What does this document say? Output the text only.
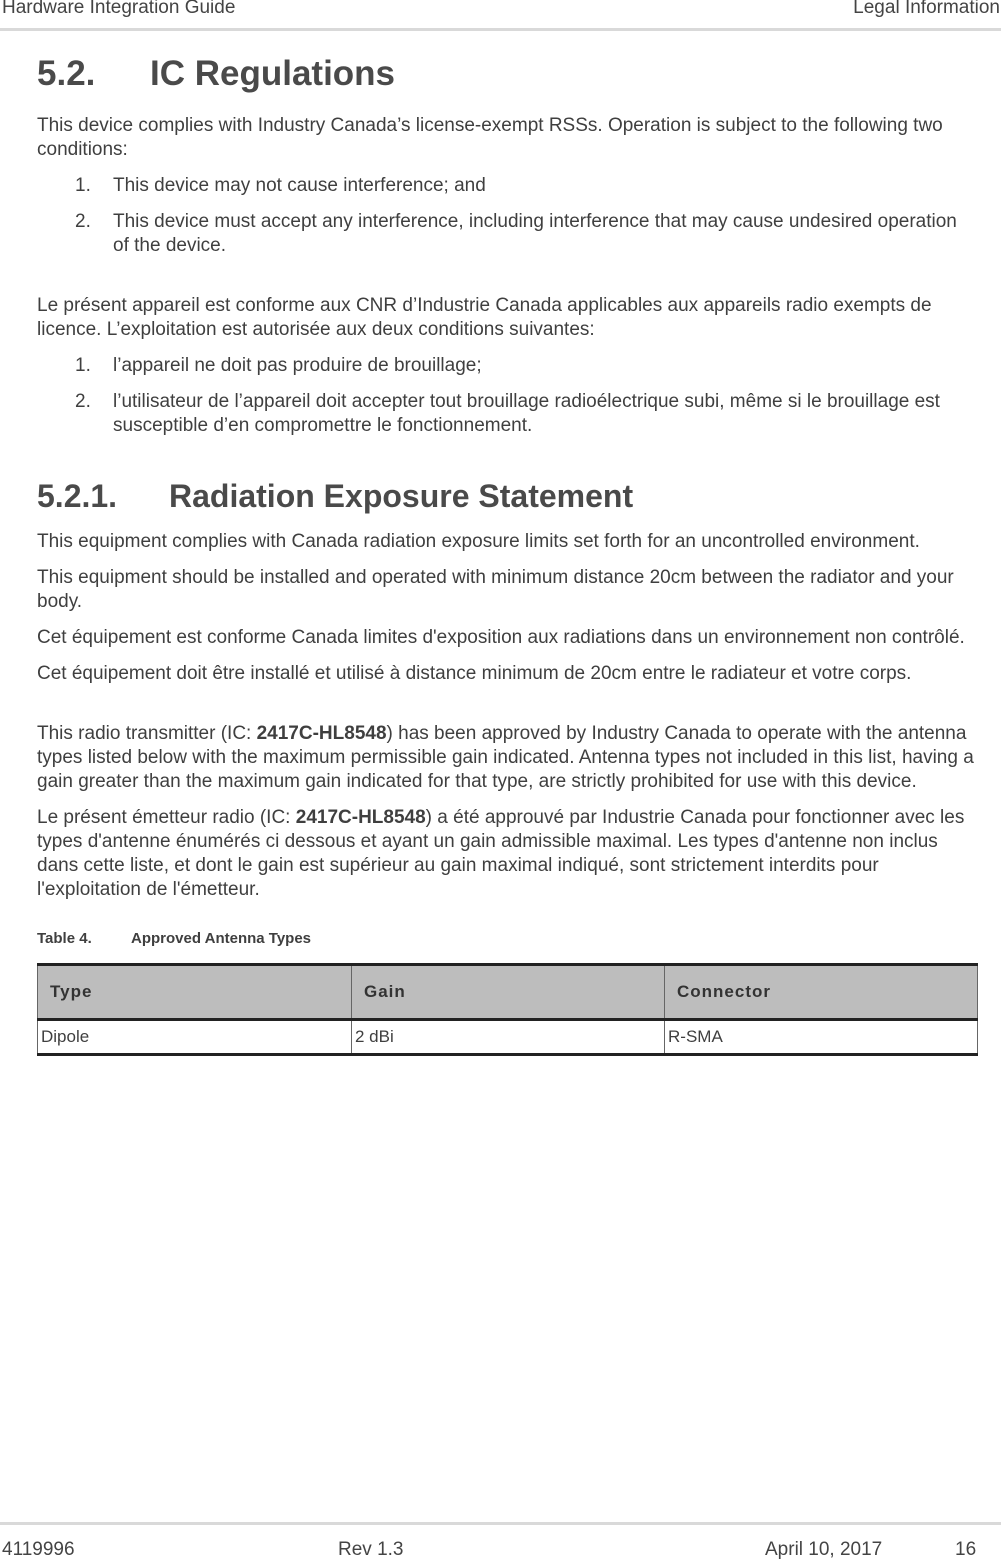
Hardware Integration Guide	Legal Information
5.2. IC Regulations

This device complies with Industry Canada’s license-exempt RSSs. Operation is subject to the following two conditions:

1. This device may not cause interference; and
2. This device must accept any interference, including interference that may cause undesired operation of the device.

Le présent appareil est conforme aux CNR d’Industrie Canada applicables aux appareils radio exempts de licence. L’exploitation est autorisée aux deux conditions suivantes:

1. l’appareil ne doit pas produire de brouillage;
2. l’utilisateur de l’appareil doit accepter tout brouillage radioélectrique subi, même si le brouillage est susceptible d’en compromettre le fonctionnement.
5.2.1. Radiation Exposure Statement

This equipment complies with Canada radiation exposure limits set forth for an uncontrolled environment.

This equipment should be installed and operated with minimum distance 20cm between the radiator and your body.

Cet équipement est conforme Canada limites d'exposition aux radiations dans un environnement non contrôlé.

Cet équipement doit être installé et utilisé à distance minimum de 20cm entre le radiateur et votre corps.

This radio transmitter (IC: 2417C-HL8548) has been approved by Industry Canada to operate with the antenna types listed below with the maximum permissible gain indicated. Antenna types not included in this list, having a gain greater than the maximum gain indicated for that type, are strictly prohibited for use with this device.

Le présent émetteur radio (IC: 2417C-HL8548) a été approuvé par Industrie Canada pour fonctionner avec les types d'antenne énumérés ci dessous et ayant un gain admissible maximal. Les types d'antenne non inclus dans cette liste, et dont le gain est supérieur au gain maximal indiqué, sont strictement interdits pour l'exploitation de l'émetteur.

Table 4.	Approved Antenna Types
Type	Gain	Connector
Dipole	2 dBi	R-SMA
4119996	Rev 1.3	April 10, 2017	16
